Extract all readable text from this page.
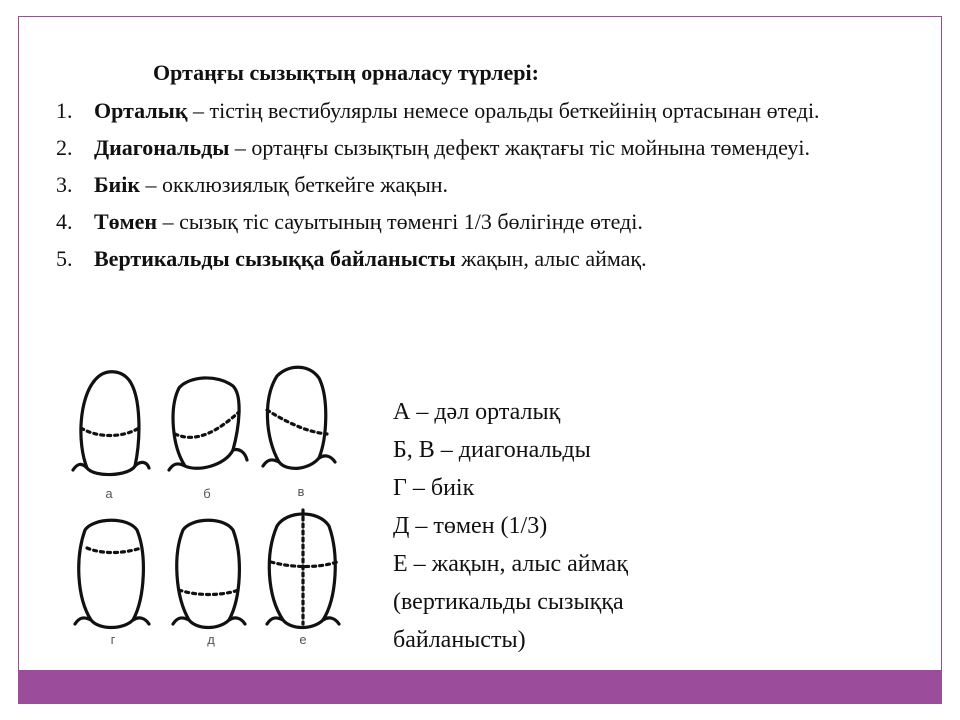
Ортаңғы сызықтың орналасу түрлері:
1. Орталық – тістің вестибулярлы немесе оральды беткейінің ортасынан өтеді.
2. Диагональды – ортаңғы сызықтың дефект жақтағы тіс мойнына төмендеуі.
3. Биік – окклюзиялық беткейге жақын.
4. Төмен – сызық тіс сауытының төменгі 1/3 бөлігінде өтеді.
5. Вертикальды сызыққа байланысты жақын, алыс аймақ.
а	б	в
г	д	е
А – дәл орталық
Б, В – диагональды
Г – биік
Д – төмен (1/3)
Е – жақын, алыс аймақ
(вертикальды сызыққа
байланысты)
